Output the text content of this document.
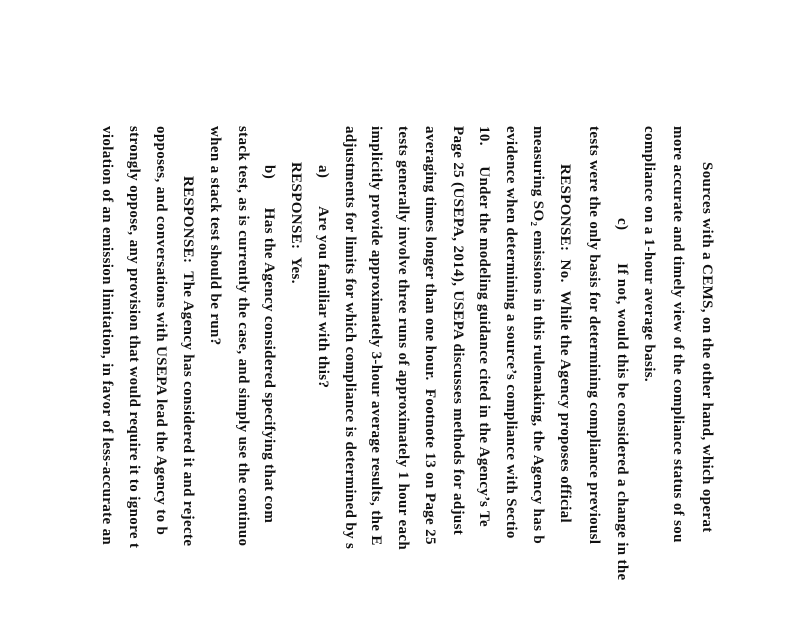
Sources with a CEMS, on the other hand, which operat
more accurate and timely view of the compliance status of sou
compliance on a 1-hour average basis.
c)        If not, would this be considered a change in the
tests were the only basis for determining compliance previousl
RESPONSE:  No.  While the Agency proposes official
measuring SO₂ emissions in this rulemaking, the Agency has b
evidence when determining a source’s compliance with Sectio
10.     Under the modeling guidance cited in the Agency’s Te
Page 25 (USEPA, 2014), USEPA discusses methods for adjust
averaging times longer than one hour.  Footnote 13 on Page 25
tests generally involve three runs of approximately 1 hour each
implicitly provide approximately 3-hour average results, the E
adjustments for limits for which compliance is determined by s
a)       Are you familiar with this?
RESPONSE:  Yes.
b)       Has the Agency considered specifying that com
stack test, as is currently the case, and simply use the continuo
when a stack test should be run?
RESPONSE:  The Agency has considered it and rejecte
opposes, and conversations with USEPA lead the Agency to b
strongly oppose, any provision that would require it to ignore t
violation of an emission limitation, in favor of less-accurate an
